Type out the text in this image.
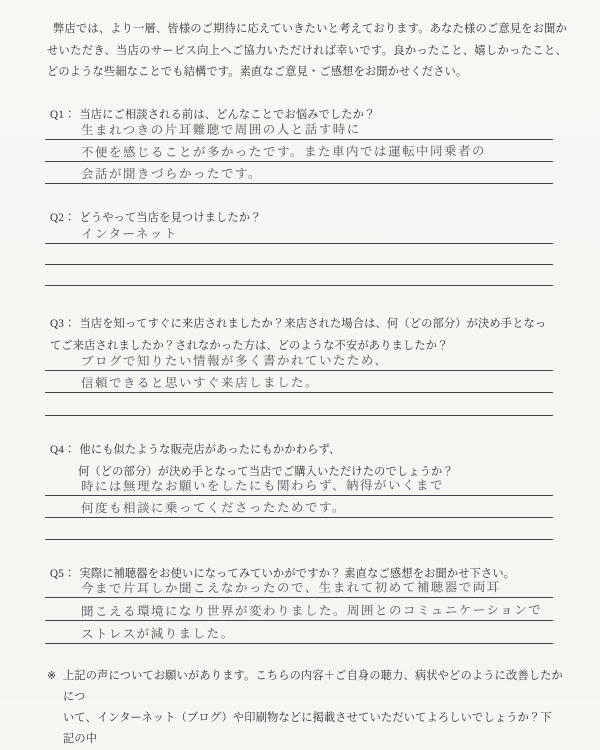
弊店では、より一層、皆様のご期待に応えていきたいと考えております。あなた様のご意見をお聞かせいただき、当店のサービス向上へご協力いただければ幸いです。良かったこと、嬉しかったこと、どのような些細なことでも結構です。素直なご意見・ご感想をお聞かせください。
Q1： 当店にご相談される前は、どんなことでお悩みでしたか？
生まれつきの片耳難聴で周囲の人と話す時に
不便を感じることが多かったです。また車内では運転中同乗者の
会話が聞きづらかったです。
Q2： どうやって当店を見つけましたか？
インターネット
Q3： 当店を知ってすぐに来店されましたか？来店された場合は、何（どの部分）が決め手となっ
てご来店されましたか？されなかった方は、どのような不安がありましたか？
ブログで知りたい情報が多く書かれていたため、
信頼できると思いすぐ来店しました。
Q4： 他にも似たような販売店があったにもかかわらず、
何（どの部分）が決め手となって当店でご購入いただけたのでしょうか？
時には無理なお願いをしたにも関わらず、納得がいくまで
何度も相談に乗ってくださったためです。
Q5： 実際に補聴器をお使いになってみていかがですか？ 素直なご感想をお聞かせ下さい。
今まで片耳しか聞こえなかったので、生まれて初めて補聴器で両耳
聞こえる環境になり世界が変わりました。周囲とのコミュニケーションで
ストレスが減りました。
※ 上記の声についてお願いがあります。こちらの内容＋ご自身の聴力、病状やどのように改善したかにつ
いて、インターネット（ブログ）や印刷物などに掲載させていただいてよろしいでしょうか？下記の中
